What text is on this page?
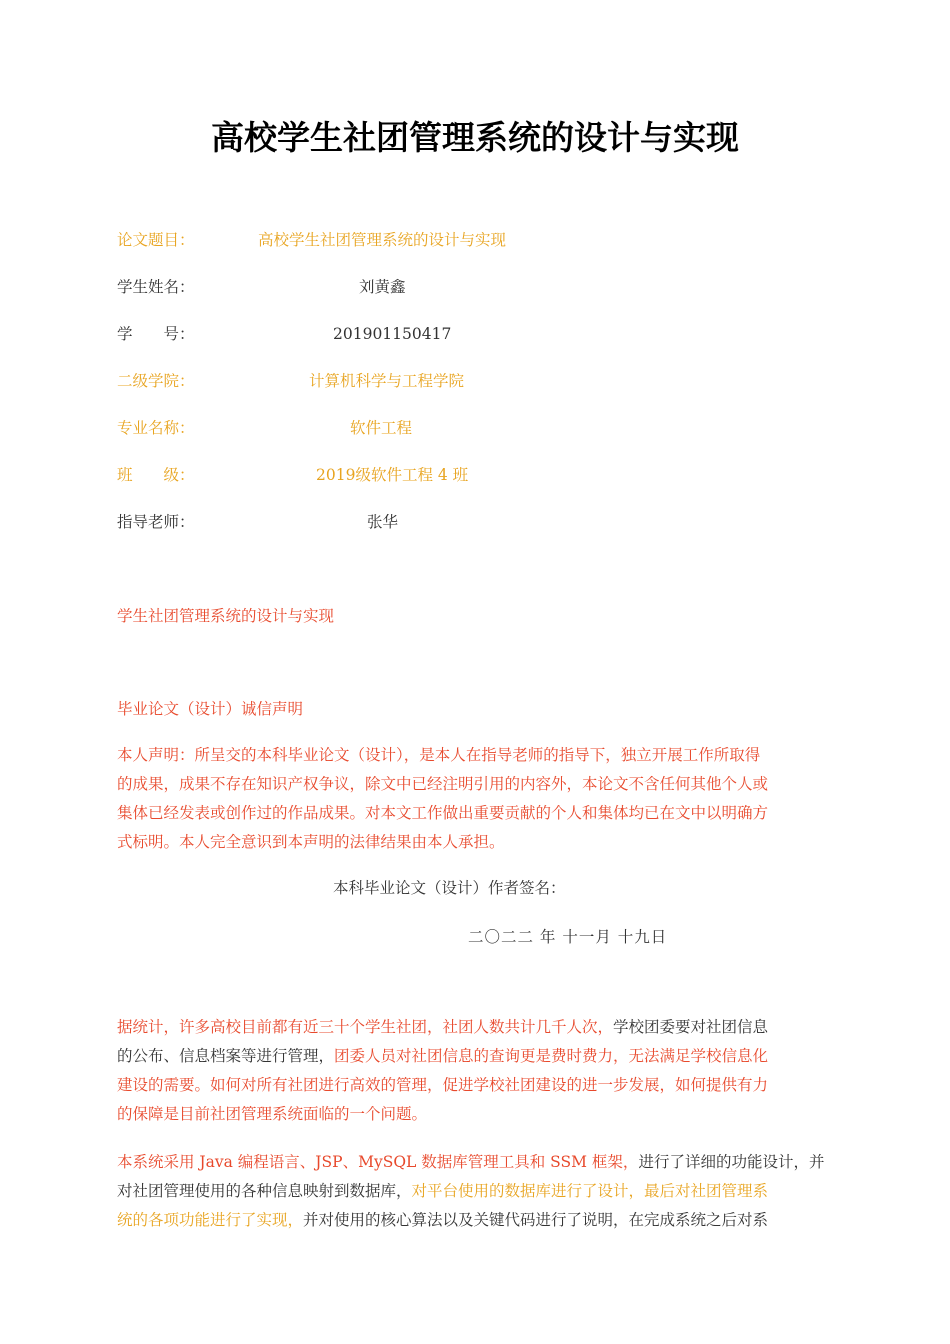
高校学生社团管理系统的设计与实现
论文题目：	高校学生社团管理系统的设计与实现
学生姓名：	刘黄鑫
学　　号：	201901150417
二级学院：	计算机科学与工程学院
专业名称：	软件工程
班　　级：	2019级软件工程 4 班
指导老师：	张华
学生社团管理系统的设计与实现
毕业论文（设计）诚信声明
本人声明：所呈交的本科毕业论文（设计），是本人在指导老师的指导下，独立开展工作所取得
的成果，成果不存在知识产权争议，除文中已经注明引用的内容外，本论文不含任何其他个人或
集体已经发表或创作过的作品成果。对本文工作做出重要贡献的个人和集体均已在文中以明确方
式标明。本人完全意识到本声明的法律结果由本人承担。
本科毕业论文（设计）作者签名：
二〇二二 年 十一月 十九日
据统计，许多高校目前都有近三十个学生社团，社团人数共计几千人次，学校团委要对社团信息
的公布、信息档案等进行管理，团委人员对社团信息的查询更是费时费力，无法满足学校信息化
建设的需要。如何对所有社团进行高效的管理，促进学校社团建设的进一步发展，如何提供有力
的保障是目前社团管理系统面临的一个问题。
本系统采用 Java 编程语言、JSP、MySQL 数据库管理工具和 SSM 框架，进行了详细的功能设计，并
对社团管理使用的各种信息映射到数据库，对平台使用的数据库进行了设计，最后对社团管理系
统的各项功能进行了实现，并对使用的核心算法以及关键代码进行了说明，在完成系统之后对系
